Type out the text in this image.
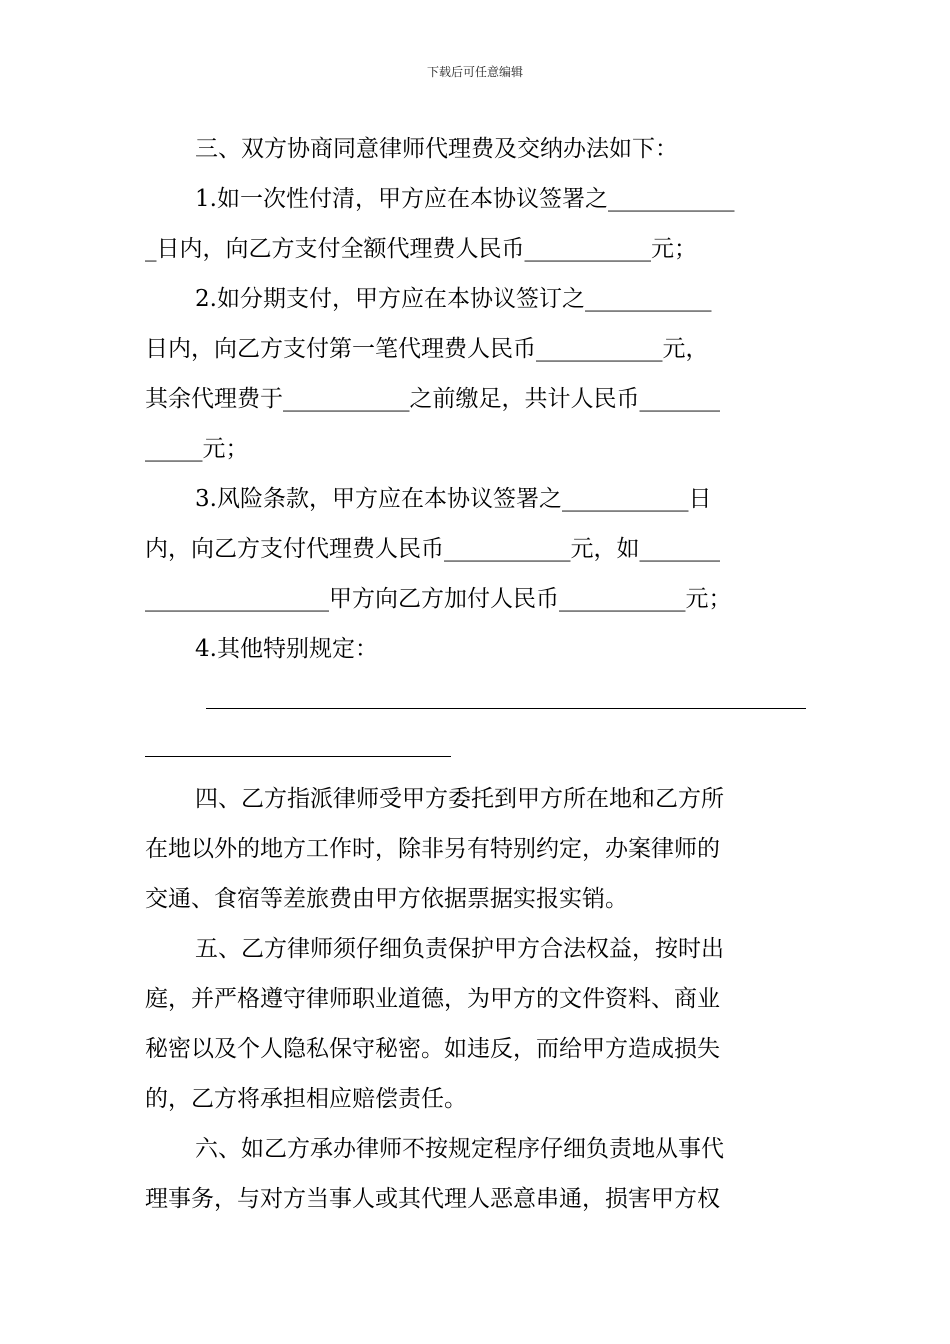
下载后可任意编辑
三、双方协商同意律师代理费及交纳办法如下：
1.如一次性付清，甲方应在本协议签署之___________
_日内，向乙方支付全额代理费人民币___________元；
2.如分期支付，甲方应在本协议签订之___________
日内，向乙方支付第一笔代理费人民币___________元，
其余代理费于___________之前缴足，共计人民币_______
_____元；
3.风险条款，甲方应在本协议签署之___________日
内，向乙方支付代理费人民币___________元，如_______
________________甲方向乙方加付人民币___________元；
4.其他特别规定：
四、乙方指派律师受甲方委托到甲方所在地和乙方所
在地以外的地方工作时，除非另有特别约定，办案律师的
交通、食宿等差旅费由甲方依据票据实报实销。
五、乙方律师须仔细负责保护甲方合法权益，按时出
庭，并严格遵守律师职业道德，为甲方的文件资料、商业
秘密以及个人隐私保守秘密。如违反，而给甲方造成损失
的，乙方将承担相应赔偿责任。
六、如乙方承办律师不按规定程序仔细负责地从事代
理事务，与对方当事人或其代理人恶意串通，损害甲方权
